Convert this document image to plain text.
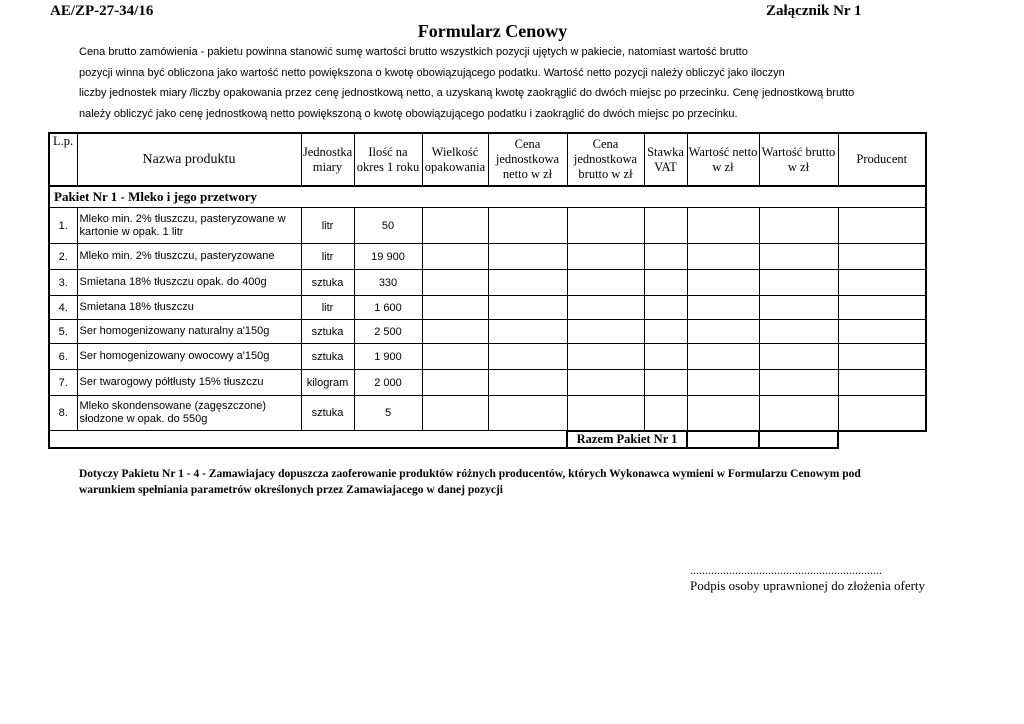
AE/ZP-27-34/16	Załącznik Nr 1
Formularz Cenowy
Cena brutto zamówienia - pakietu powinna stanowić sumę wartości brutto wszystkich pozycji ujętych w pakiecie, natomiast wartość brutto
pozycji winna być obliczona jako wartość netto powiększona o kwotę obowiązującego podatku. Wartość netto pozycji należy obliczyć jako iloczyn
liczby jednostek miary /liczby opakowania przez cenę jednostkową netto, a uzyskaną kwotę zaokrąglić do dwóch miejsc po przecinku. Cenę jednostkową brutto
należy obliczyć jako cenę jednostkową netto powiększoną o kwotę obowiązującego podatku i zaokrąglić do dwóch miejsc po przecinku.
L.p.	Nazwa produktu	Jednostka miary	Ilość na okres 1 roku	Wielkość opakowania	Cena jednostkowa netto w zł	Cena jednostkowa brutto w zł	Stawka VAT	Wartość netto w zł	Wartość brutto w zł	Producent
Pakiet Nr 1 - Mleko i jego przetwory										
1.	Mleko min. 2% tłuszczu, pasteryzowane w kartonie w opak. 1 litr	litr	50							
2.	Mleko min. 2% tłuszczu, pasteryzowane	litr	19 900							
3.	Smietana 18% tłuszczu opak. do 400g	sztuka	330							
4.	Smietana 18% tłuszczu	litr	1 600							
5.	Ser homogenizowany naturalny a'150g	sztuka	2 500							
6.	Ser homogenizowany owocowy a'150g	sztuka	1 900							
7.	Ser twarogowy półtłusty 15% tłuszczu	kilogram	2 000							
8.	Mleko skondensowane (zagęszczone) słodzone w opak. do 550g	sztuka	5							
						Razem Pakiet Nr 1				
Dotyczy Pakietu Nr 1 - 4 - Zamawiajacy dopuszcza zaoferowanie produktów różnych producentów, których Wykonawca wymieni w Formularzu Cenowym pod warunkiem spełniania parametrów określonych przez Zamawiajacego w danej pozycji
................................................................
Podpis osoby uprawnionej do złożenia oferty
